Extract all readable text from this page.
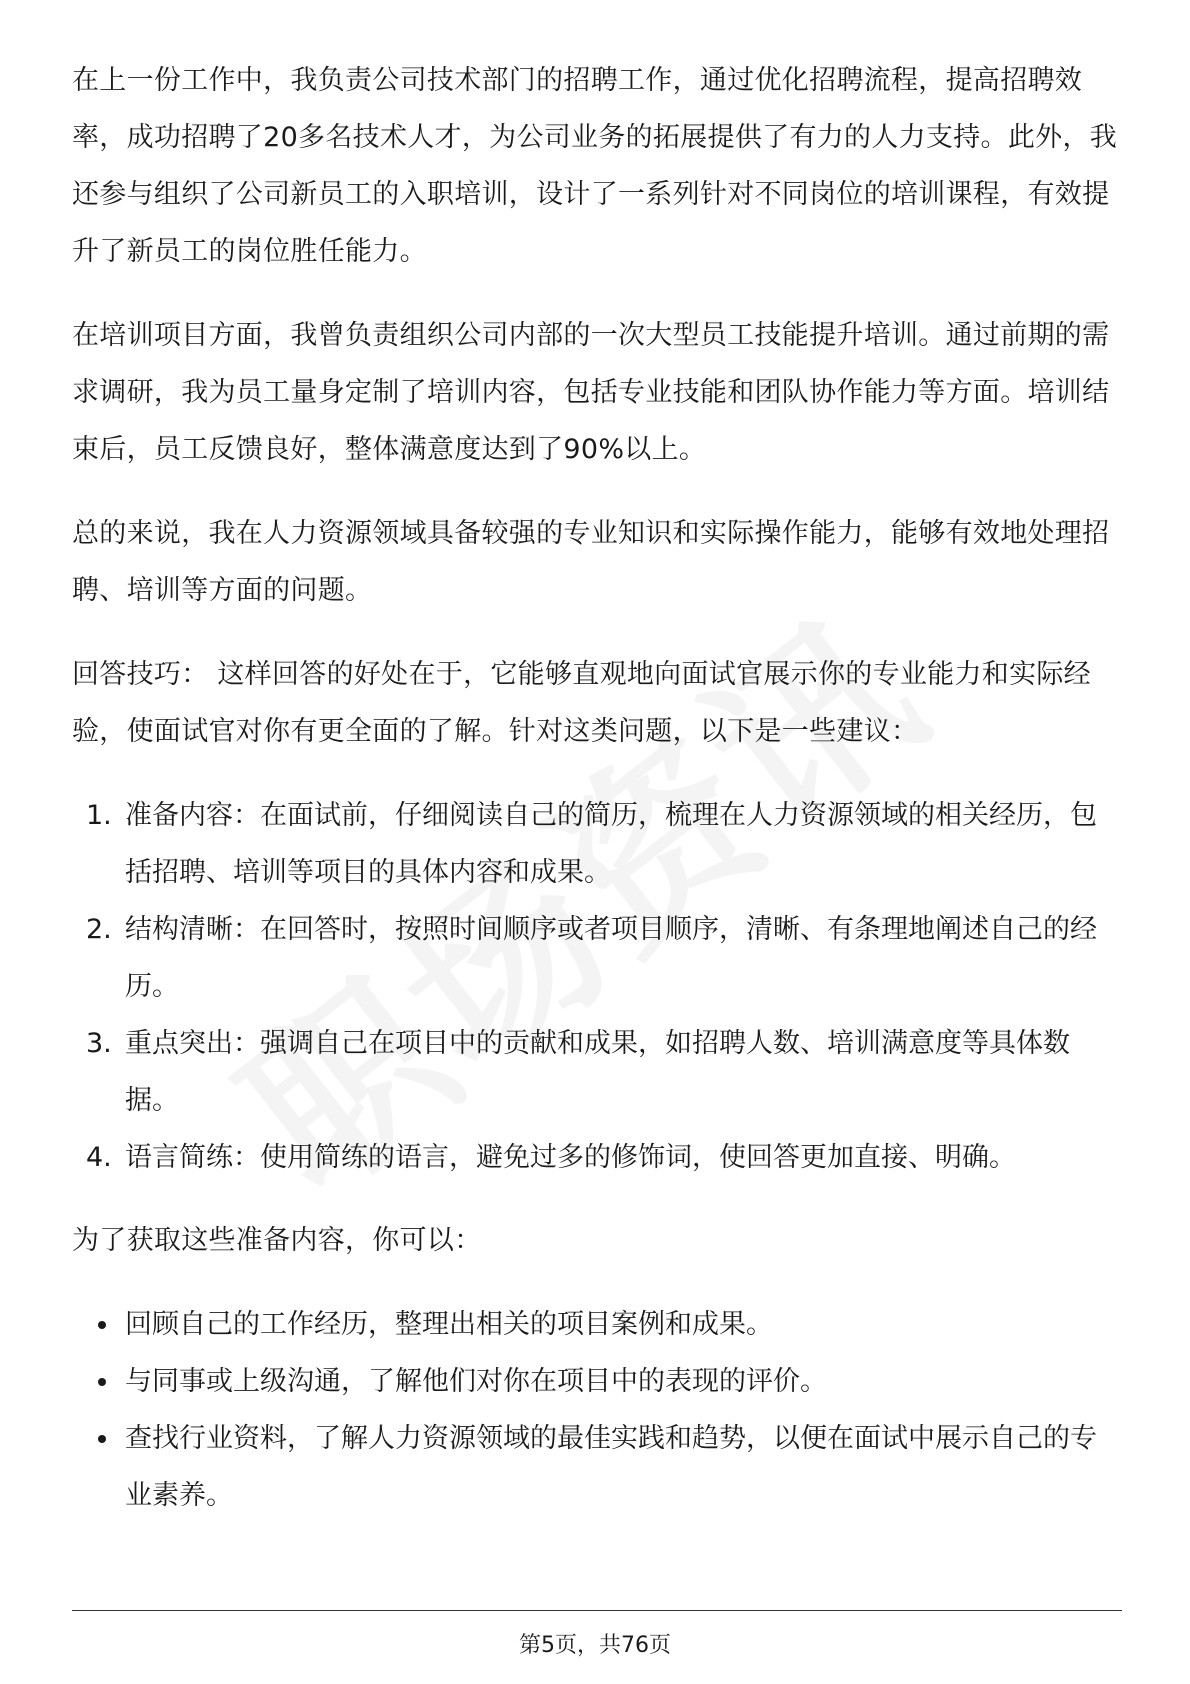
在上一份工作中，我负责公司技术部门的招聘工作，通过优化招聘流程，提高招聘效率，成功招聘了20多名技术人才，为公司业务的拓展提供了有力的人力支持。此外，我还参与组织了公司新员工的入职培训，设计了一系列针对不同岗位的培训课程，有效提升了新员工的岗位胜任能力。

在培训项目方面，我曾负责组织公司内部的一次大型员工技能提升培训。通过前期的需求调研，我为员工量身定制了培训内容，包括专业技能和团队协作能力等方面。培训结束后，员工反馈良好，整体满意度达到了90%以上。

总的来说，我在人力资源领域具备较强的专业知识和实际操作能力，能够有效地处理招聘、培训等方面的问题。

回答技巧： 这样回答的好处在于，它能够直观地向面试官展示你的专业能力和实际经验，使面试官对你有更全面的了解。针对这类问题，以下是一些建议：

1. 准备内容：在面试前，仔细阅读自己的简历，梳理在人力资源领域的相关经历，包括招聘、培训等项目的具体内容和成果。
2. 结构清晰：在回答时，按照时间顺序或者项目顺序，清晰、有条理地阐述自己的经历。
3. 重点突出：强调自己在项目中的贡献和成果，如招聘人数、培训满意度等具体数据。
4. 语言简练：使用简练的语言，避免过多的修饰词，使回答更加直接、明确。

为了获取这些准备内容，你可以：

回顾自己的工作经历，整理出相关的项目案例和成果。
与同事或上级沟通，了解他们对你在项目中的表现的评价。
查找行业资料，了解人力资源领域的最佳实践和趋势，以便在面试中展示自己的专业素养。
第5页，共76页
